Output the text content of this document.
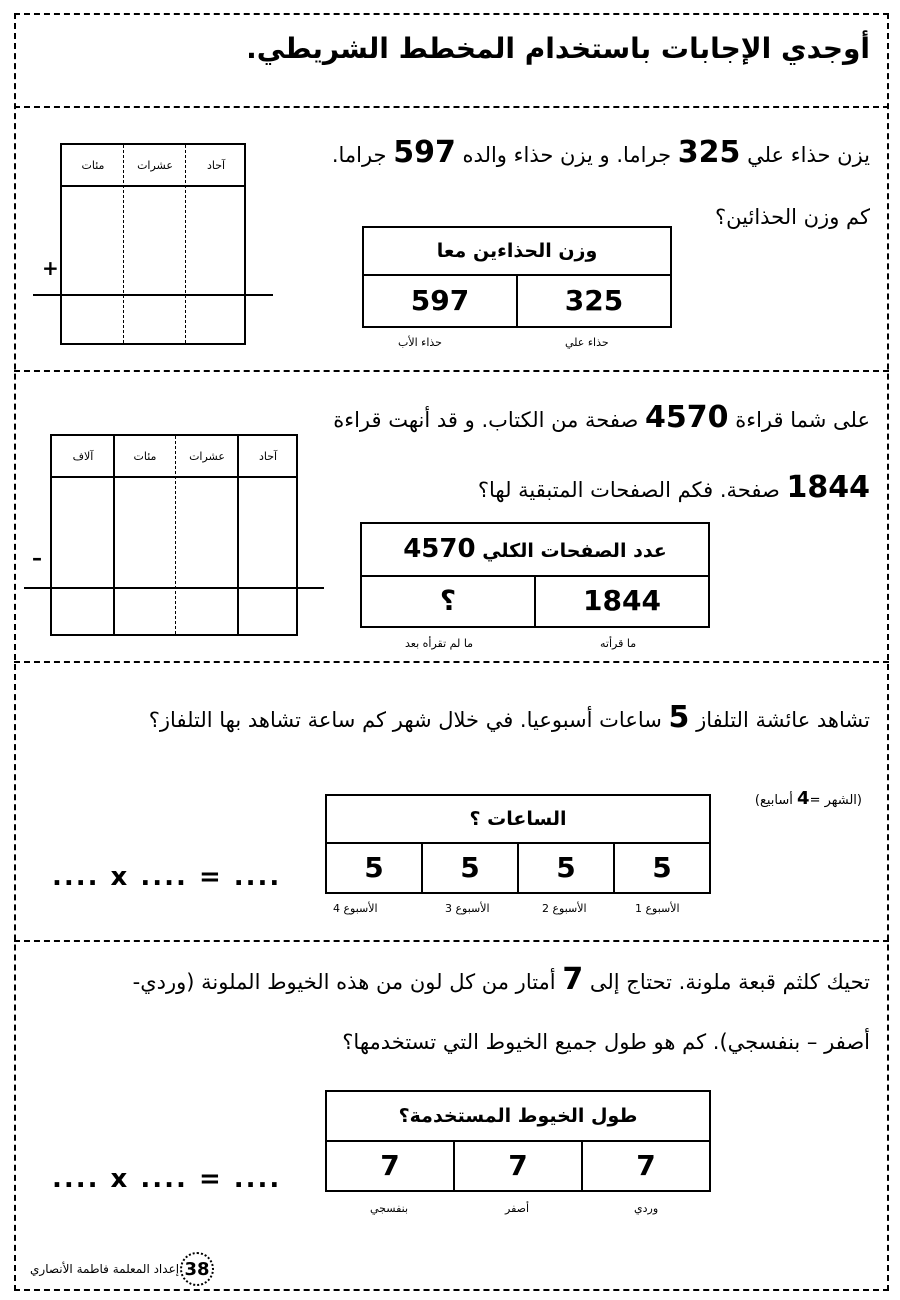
أوجدي الإجابات باستخدام المخطط الشريطي.
يزن حذاء علي 325 جراما. و يزن حذاء والده 597 جراما.
كم وزن الحذائين؟
وزن الحذاءين معا
597	325
حذاء الأب	حذاء علي
مئات	عشرات	آحاد
+
على شما قراءة 4570 صفحة من الكتاب. و قد أنهت قراءة
1844 صفحة. فكم الصفحات المتبقية لها؟
عدد الصفحات الكلي 4570
؟	1844
ما لم تقرأه بعد	ما قرأته
آلاف	مئات	عشرات	آحاد
–
تشاهد عائشة التلفاز 5 ساعات أسبوعيا. في خلال شهر كم ساعة تشاهد بها التلفاز؟
(الشهر =4 أسابيع)
الساعات ؟
5	5	5	5
الأسبوع 4	الأسبوع 3	الأسبوع 2	الأسبوع 1
.... x .... = ....
تحيك كلثم قبعة ملونة. تحتاج إلى 7 أمتار من كل لون من هذه الخيوط الملونة (وردي-
أصفر – بنفسجي). كم هو طول جميع الخيوط التي تستخدمها؟
طول الخيوط المستخدمة؟
7	7	7
بنفسجي	أصفر	وردي
.... x .... = ....
38
إعداد المعلمة فاطمة الأنصاري
